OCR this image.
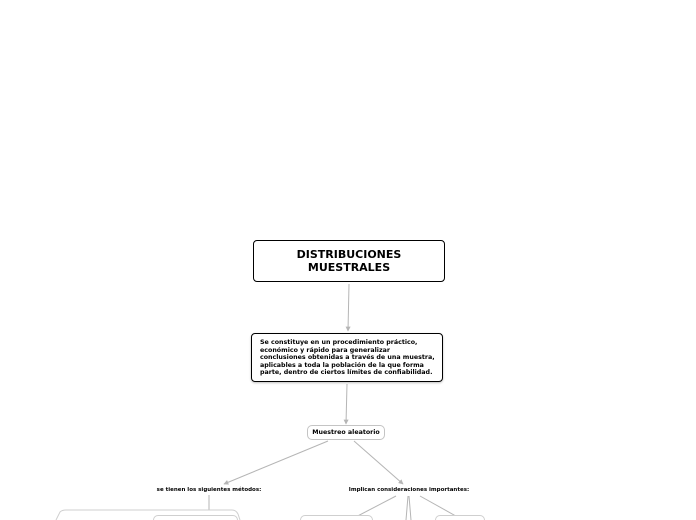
DISTRIBUCIONES MUESTRALES
Se constituye en un procedimiento práctico, económico y rápido para generalizar conclusiones obtenidas a través de una muestra, aplicables a toda la población de la que forma parte, dentro de ciertos límites de confiabilidad.
Muestreo aleatorio
se tienen los siguientes métodos:	Implican consideraciones importantes:
